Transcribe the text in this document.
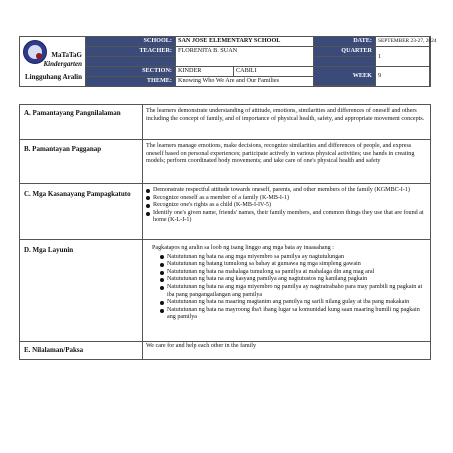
MaTaTaG
Kindergarten
Lingguhang Aralin
SCHOOL: SAN JOSE ELEMENTARY SCHOOL	DATE:	SEPTEMBER 23-27, 2024
TEACHER: FLORENITA B. SUAN	QUARTER
1
SECTION: KINDER	CABILI
WEEK 9
THEME: Knowing Who We Are and Our Families
A. Pamantayang Pangnilalaman	The learners demonstrate understanding of attitude, emotions, similarities and differences of oneself and others including the concept of family, and of importance of physical health, safety, and appropriate movement concepts.

B. Pamantayan Pagganap	The learners manage emotions, make decisions, recognize similarities and differences of people, and express oneself based on personal experiences; participate actively in various physical activities; use hands in creating models; perform coordinated body movements; and take care of one's physical health and safety

C. Mga Kasanayang Pampagkatuto	Demonstrate respectful attitude towards oneself, parents, and other members of the family (KGMBC-I-1)
Recognize oneself as a member of a family (K-MB-I-1)
Recognize one's rights as a child (K-MB-I-IV-5)
Identify one's given name, friends' names, their family members, and common things they use that are found at home (K-L-I-1)
D. Mga Layunin	Pagkatapos ng aralin sa loob ng isang linggo ang mga bata ay inaasahang :

Natututunan ng bata na ang mga miyembro sa pamilya ay nagtutulungan
Natututunan ng batang tumulong sa bahay at gumawa ng mga simpleng gawain
Natututunan ng bata na mahalaga tumulong sa pamilya at mahalaga din ang mag aral
Natututunan ng bata na ang kasyang pamilya ang nagtutustos ng kanilang pagkain
Natututunan ng bata na ang mga miyembro ng pamilya ay nagtratrabaho para may pambili ng pagkain at iba pang pangangailangan ang pamilya
Natututunan ng bata na maaring magtanim ang pamilya ng sarili nilang gulay at iba pang makakain
Natututunan ng bata na mayroong iba't ibang lugar sa komunidad kung saan maaring bumili ng pagkain ang pamilya
E. Nilalaman/Paksa	We care for and help each other in the family
